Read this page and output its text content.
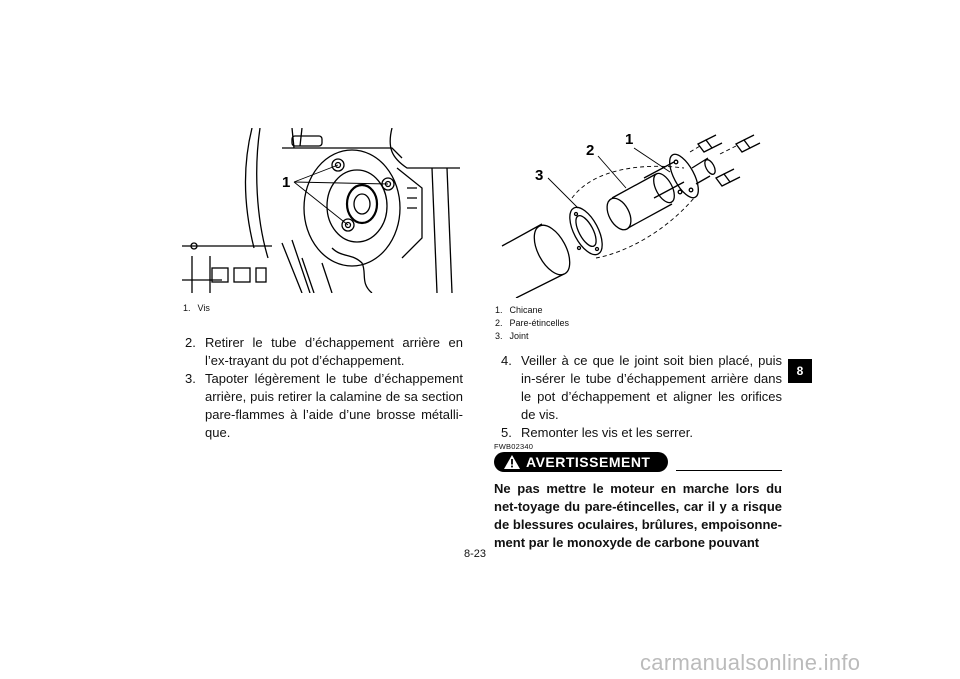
1
1. Vis
2. Retirer le tube d’échappement arrière en l’ex-trayant du pot d’échappement.
3. Tapoter légèrement le tube d’échappement arrière, puis retirer la calamine de sa section pare-flammes à l’aide d’une brosse métalli-que.
1
2
3
1. Chicane
2. Pare-étincelles
3. Joint
4. Veiller à ce que le joint soit bien placé, puis in-sérer le tube d’échappement arrière dans le pot d’échappement et aligner les orifices de vis.
5. Remonter les vis et les serrer.
FWB02340
AVERTISSEMENT
Ne pas mettre le moteur en marche lors du net-toyage du pare-étincelles, car il y a risque de blessures oculaires, brûlures, empoisonne-ment par le monoxyde de carbone pouvant
8
8-23
carmanualsonline.info
